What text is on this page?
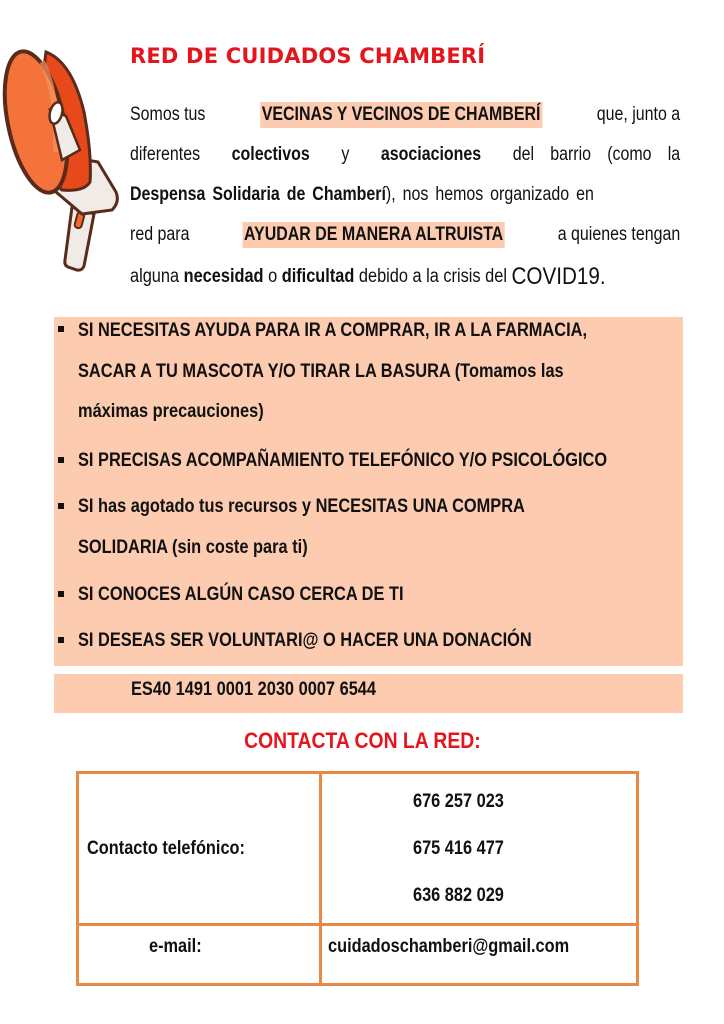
RED DE CUIDADOS CHAMBERÍ
Somos tus	VECINAS Y VECINOS DE CHAMBERÍ	que, junto a
diferentes colectivos y asociaciones del barrio (como la
Despensa Solidaria de Chamberí ), nos hemos organizado en
red para	AYUDAR DE MANERA ALTRUISTA	a quienes tengan
alguna
necesidad
o
dificultad
debido a la crisis del
COVID19.
SI NECESITAS AYUDA PARA IR A COMPRAR, IR A LA FARMACIA,
SACAR A TU MASCOTA Y/O TIRAR LA BASURA (Tomamos las
máximas precauciones)
SI PRECISAS ACOMPAÑAMIENTO TELEFÓNICO Y/O PSICOLÓGICO
SI has agotado tus recursos y NECESITAS UNA COMPRA
SOLIDARIA (sin coste para ti)
SI CONOCES ALGÚN CASO CERCA DE TI
SI DESEAS SER VOLUNTARI@ O HACER UNA DONACIÓN
ES40 1491 0001 2030 0007 6544
CONTACTA CON LA RED:
Contacto telefónico:	676 257 023
675 416 477
636 882 029

e-mail:	cuidadoschamberi@gmail.com
